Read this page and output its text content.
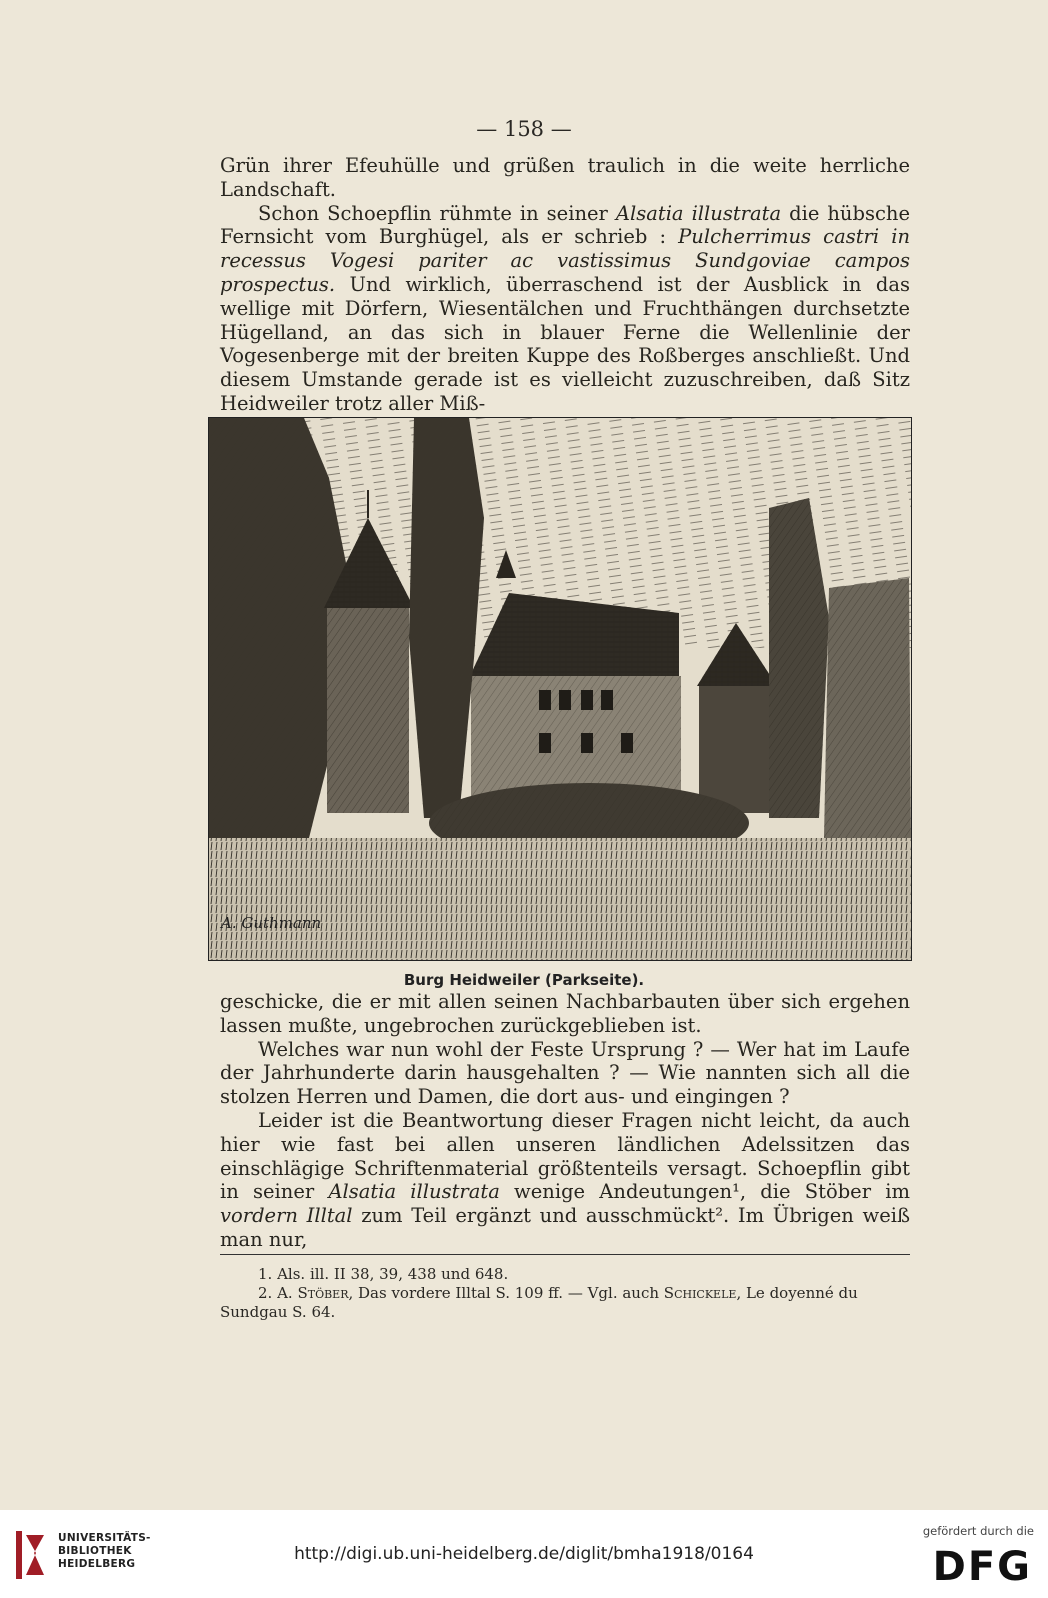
— 158 —

Grün ihrer Efeuhülle und grüßen traulich in die weite herrliche Landschaft.

Schon Schoepflin rühmte in seiner Alsatia illustrata die hübsche Fernsicht vom Burghügel, als er schrieb : Pulcherrimus castri in recessus Vogesi pariter ac vastissimus Sundgoviae campos prospectus. Und wirklich, überraschend ist der Ausblick in das wellige mit Dörfern, Wiesentälchen und Fruchthängen durchsetzte Hügelland, an das sich in blauer Ferne die Wellenlinie der Vogesenberge mit der breiten Kuppe des Roßberges anschließt. Und diesem Umstande gerade ist es vielleicht zuzuschreiben, daß Sitz Heidweiler trotz aller Miß-

A. Guthmann
Burg Heidweiler (Parkseite).

geschicke, die er mit allen seinen Nachbarbauten über sich ergehen lassen mußte, ungebrochen zurückgeblieben ist.

Welches war nun wohl der Feste Ursprung ? — Wer hat im Laufe der Jahrhunderte darin hausgehalten ? — Wie nannten sich all die stolzen Herren und Damen, die dort aus- und eingingen ?

Leider ist die Beantwortung dieser Fragen nicht leicht, da auch hier wie fast bei allen unseren ländlichen Adelssitzen das einschlägige Schriftenmaterial größtenteils versagt. Schoepflin gibt in seiner Alsatia illustrata wenige Andeutungen¹, die Stöber im vordern Illtal zum Teil ergänzt und ausschmückt². Im Übrigen weiß man nur,

1. Als. ill. II 38, 39, 438 und 648.

2. A. Stöber, Das vordere Illtal S. 109 ff. — Vgl. auch Schickele, Le doyenné du Sundgau S. 64.

UNIVERSITÄTS-
BIBLIOTHEK
HEIDELBERG	http://digi.ub.uni-heidelberg.de/diglit/bmha1918/0164
gefördert durch die
DFG
